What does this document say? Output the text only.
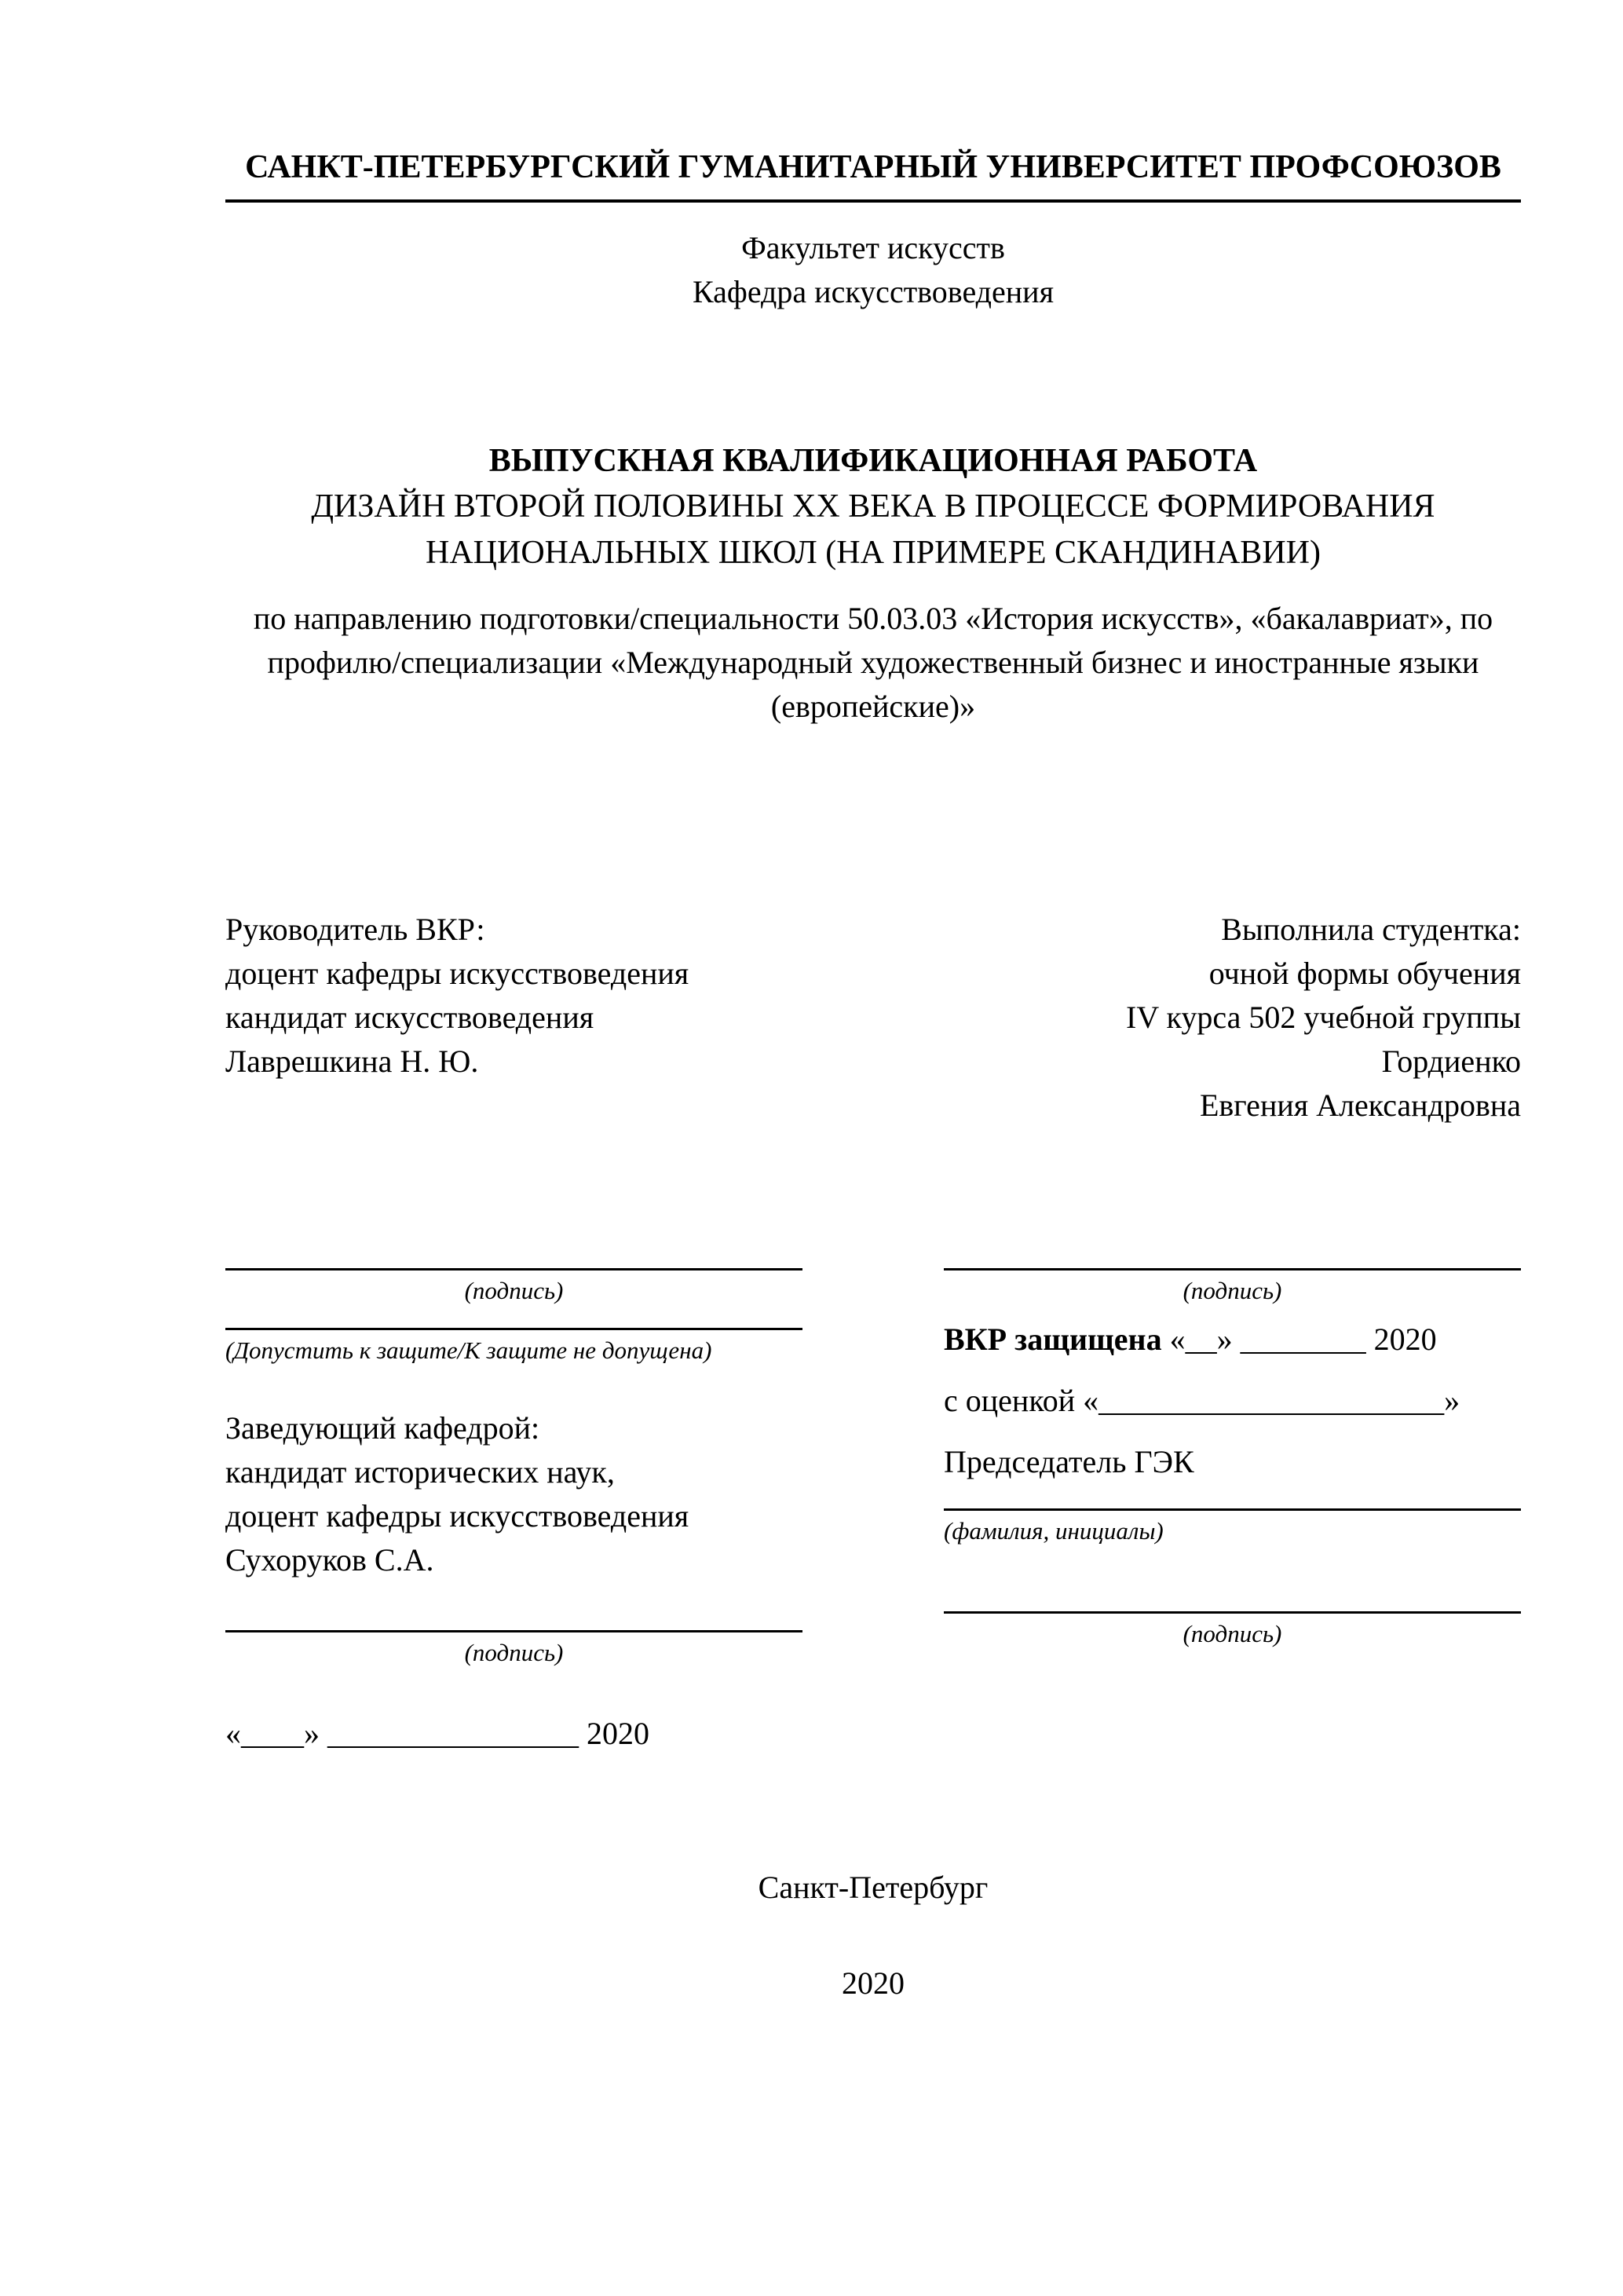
САНКТ-ПЕТЕРБУРГСКИЙ ГУМАНИТАРНЫЙ УНИВЕРСИТЕТ ПРОФСОЮЗОВ
Факультет искусств
Кафедра искусствоведения
ВЫПУСКНАЯ КВАЛИФИКАЦИОННАЯ РАБОТА
ДИЗАЙН ВТОРОЙ ПОЛОВИНЫ XX ВЕКА В ПРОЦЕССЕ ФОРМИРОВАНИЯ НАЦИОНАЛЬНЫХ ШКОЛ (НА ПРИМЕРЕ СКАНДИНАВИИ)
по направлению подготовки/специальности 50.03.03 «История искусств», «бакалавриат», по профилю/специализации «Международный художественный бизнес и иностранные языки (европейские)»
Руководитель ВКР:
доцент кафедры искусствоведения
кандидат искусствоведения
Лаврешкина Н. Ю.
Выполнила студентка:
очной формы обучения
IV курса 502 учебной группы
Гордиенко
Евгения Александровна
(подпись)
(Допустить к защите/К защите не допущена)
Заведующий кафедрой:
кандидат исторических наук,
доцент кафедры искусствоведения
Сухоруков С.А.
(подпись)
«____» ________________ 2020
(подпись)
ВКР защищена «__» ________ 2020
с оценкой «______________________»
Председатель ГЭК
(фамилия, инициалы)
(подпись)
Санкт-Петербург
2020
